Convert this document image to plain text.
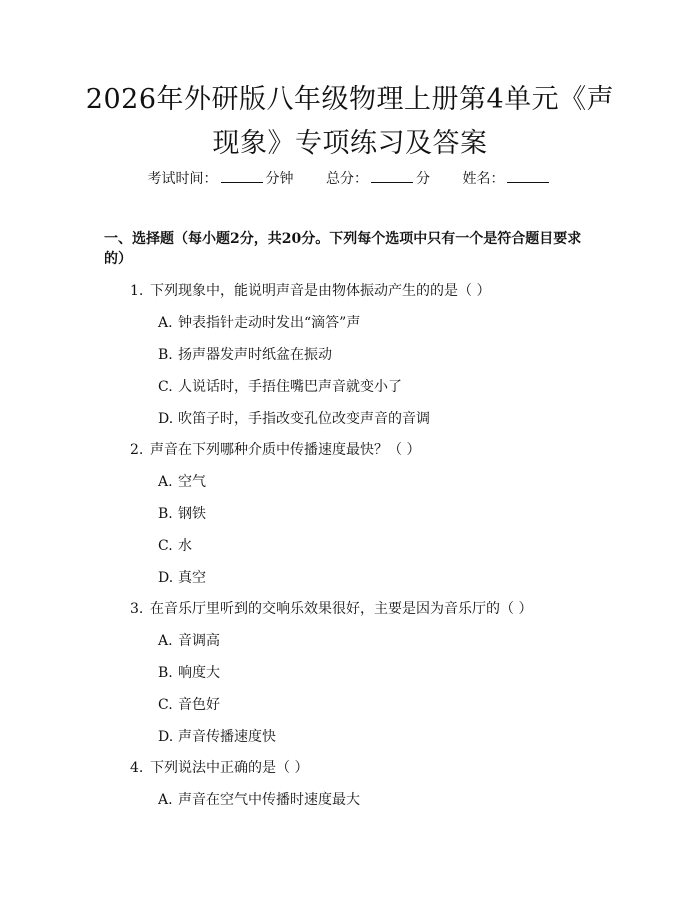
2026年外研版八年级物理上册第4单元《声
现象》专项练习及答案
考试时间：	分钟 总分：	分 姓名：
一、选择题（每小题2分，共20分。下列每个选项中只有一个是符合题目要求
的）
1. 下列现象中，能说明声音是由物体振动产生的的是（ ）
A. 钟表指针走动时发出“滴答”声
B. 扬声器发声时纸盆在振动
C. 人说话时，手捂住嘴巴声音就变小了
D. 吹笛子时，手指改变孔位改变声音的音调
2. 声音在下列哪种介质中传播速度最快？（ ）
A. 空气
B. 钢铁
C. 水
D. 真空
3. 在音乐厅里听到的交响乐效果很好，主要是因为音乐厅的（ ）
A. 音调高
B. 响度大
C. 音色好
D. 声音传播速度快
4. 下列说法中正确的是（ ）
A. 声音在空气中传播时速度最大
